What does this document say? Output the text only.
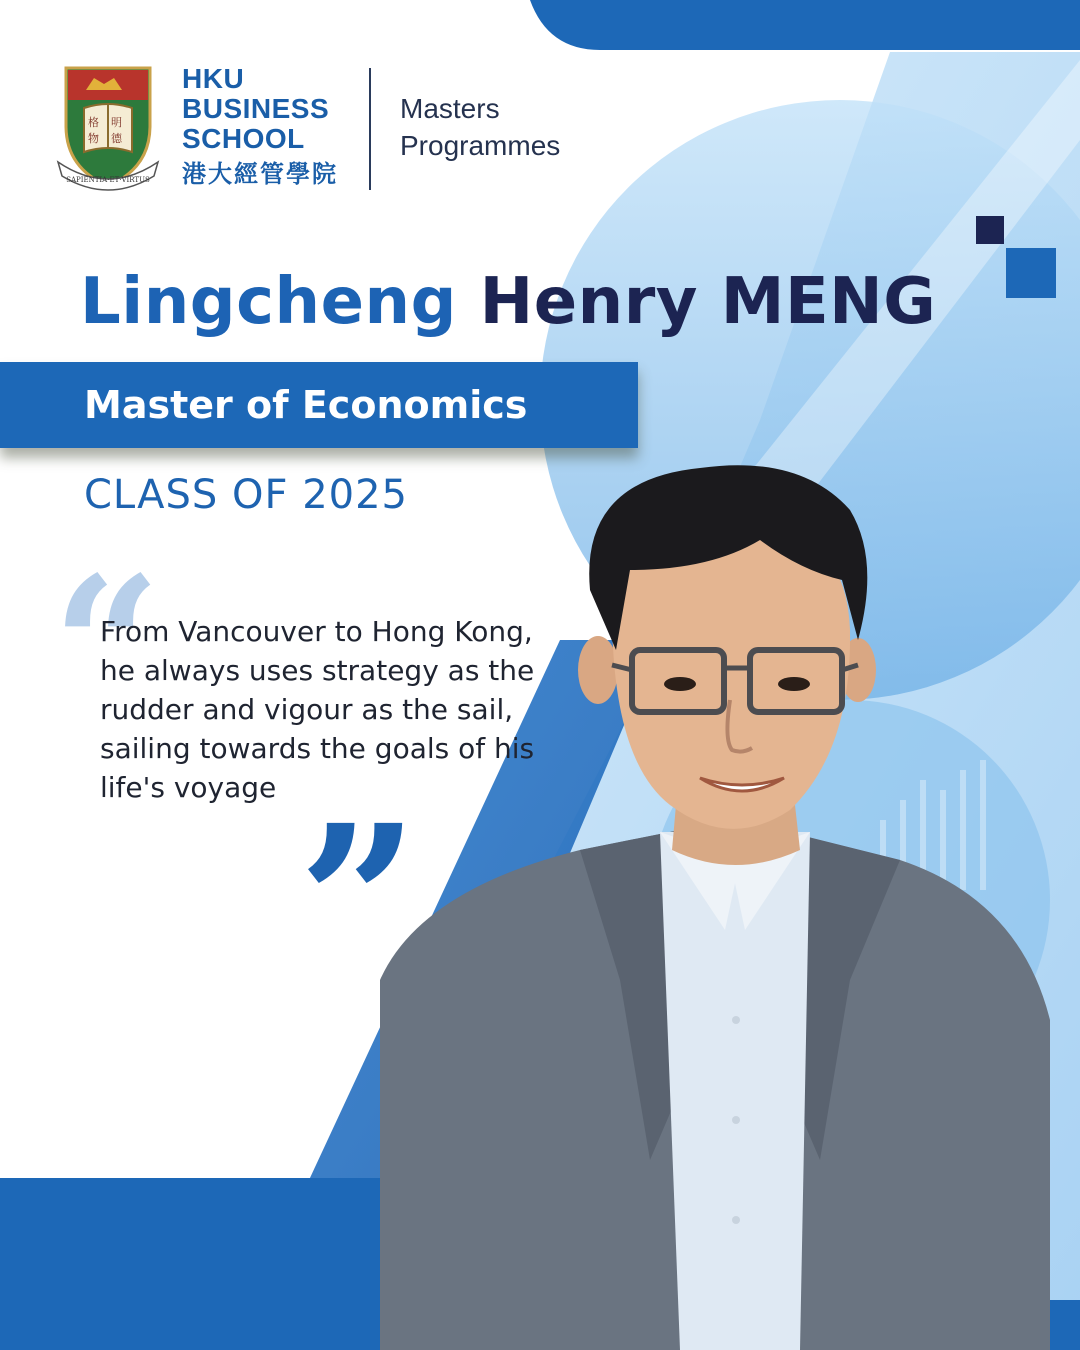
格 明
物 德
SAPIENTIA·ET·VIRTUS
HKU
BUSINESS
SCHOOL
港大經管學院
Masters
Programmes
Lingcheng Henry MENG
Master of Economics
CLASS OF 2025
“
From Vancouver to Hong Kong, he always uses strategy as the rudder and vigour as the sail, sailing towards the goals of his life's voyage ”
